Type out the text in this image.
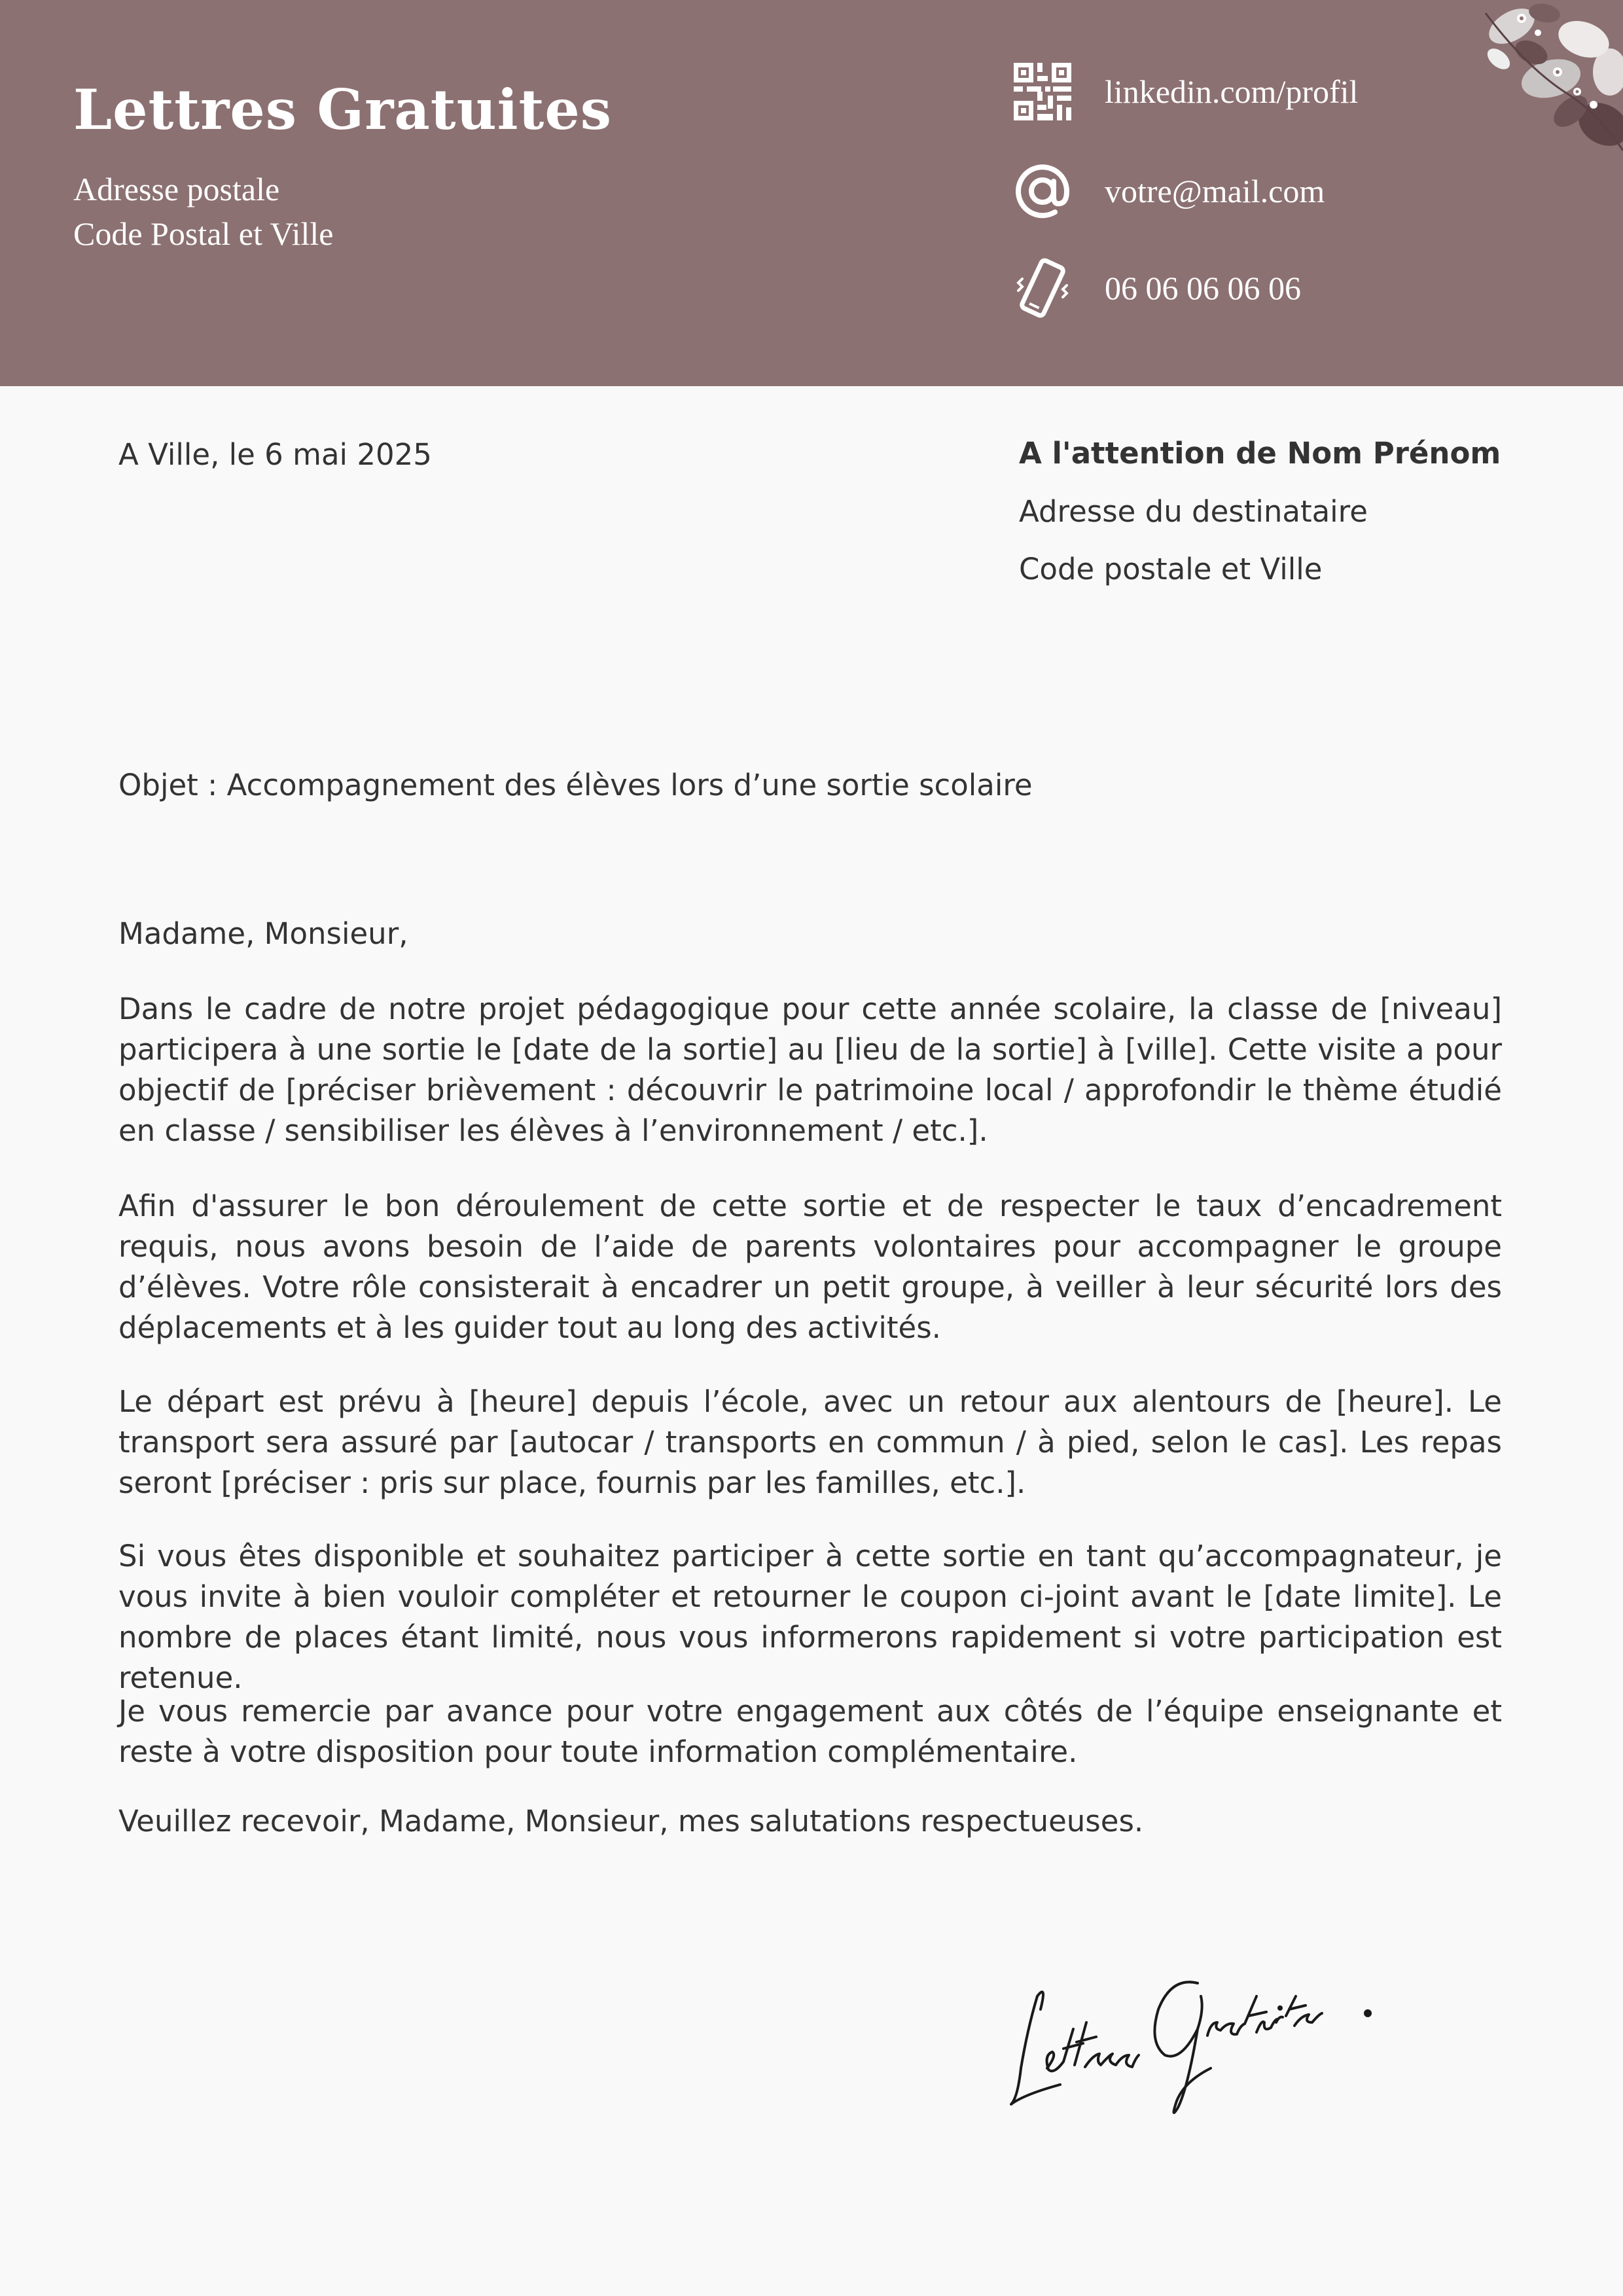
Lettres Gratuites
Adresse postale
Code Postal et Ville
linkedin.com/profil
votre@mail.com
06 06 06 06 06
A Ville, le 6 mai 2025	A l'attention de Nom Prénom
Adresse du destinataire
Code postale et Ville
Objet : Accompagnement des élèves lors d’une sortie scolaire
Madame, Monsieur,

Dans le cadre de notre projet pédagogique pour cette année scolaire, la classe de [niveau] participera à une sortie le [date de la sortie] au [lieu de la sortie] à [ville]. Cette visite a pour objectif de [préciser brièvement : découvrir le patrimoine local / approfondir le thème étudié en classe / sensibiliser les élèves à l’environnement / etc.].

Afin d'assurer le bon déroulement de cette sortie et de respecter le taux d’encadrement requis, nous avons besoin de l’aide de parents volontaires pour accompagner le groupe d’élèves. Votre rôle consisterait à encadrer un petit groupe, à veiller à leur sécurité lors des déplacements et à les guider tout au long des activités.

Le départ est prévu à [heure] depuis l’école, avec un retour aux alentours de [heure]. Le transport sera assuré par [autocar / transports en commun / à pied, selon le cas]. Les repas seront [préciser : pris sur place, fournis par les familles, etc.].

Si vous êtes disponible et souhaitez participer à cette sortie en tant qu’accompagnateur, je vous invite à bien vouloir compléter et retourner le coupon ci-joint avant le [date limite]. Le nombre de places étant limité, nous vous informerons rapidement si votre participation est retenue.

Je vous remercie par avance pour votre engagement aux côtés de l’équipe enseignante et reste à votre disposition pour toute information complémentaire.

Veuillez recevoir, Madame, Monsieur, mes salutations respectueuses.
